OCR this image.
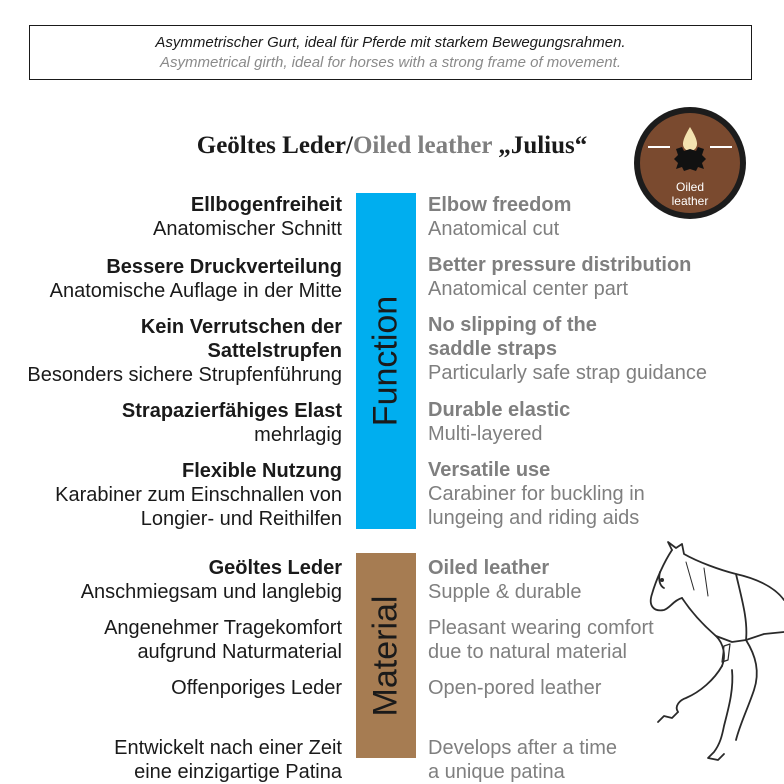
Asymmetrischer Gurt, ideal für Pferde mit starkem Bewegungsrahmen.
Asymmetrical girth, ideal for horses with a strong frame of movement.
Geöltes Leder/Oiled leather „Julius“
Oiled
leather
Function
Material
Ellbogenfreiheit
Anatomischer Schnitt
Bessere Druckverteilung
Anatomische Auflage in der Mitte
Kein Verrutschen der
Sattelstrupfen
Besonders sichere Strupfenführung
Strapazierfähiges Elast
mehrlagig
Flexible Nutzung
Karabiner zum Einschnallen von
Longier- und Reithilfen
Elbow freedom
Anatomical cut
Better pressure distribution
Anatomical center part
No slipping of the
saddle straps
Particularly safe strap guidance
Durable elastic
Multi-layered
Versatile use
Carabiner for buckling in
lungeing and riding aids
Geöltes Leder
Anschmiegsam und langlebig
Angenehmer Tragekomfort
aufgrund Naturmaterial
Offenporiges Leder
Entwickelt nach einer Zeit
eine einzigartige Patina
Oiled leather
Supple & durable
Pleasant wearing comfort
due to natural material
Open-pored leather
Develops after a time
a unique patina
